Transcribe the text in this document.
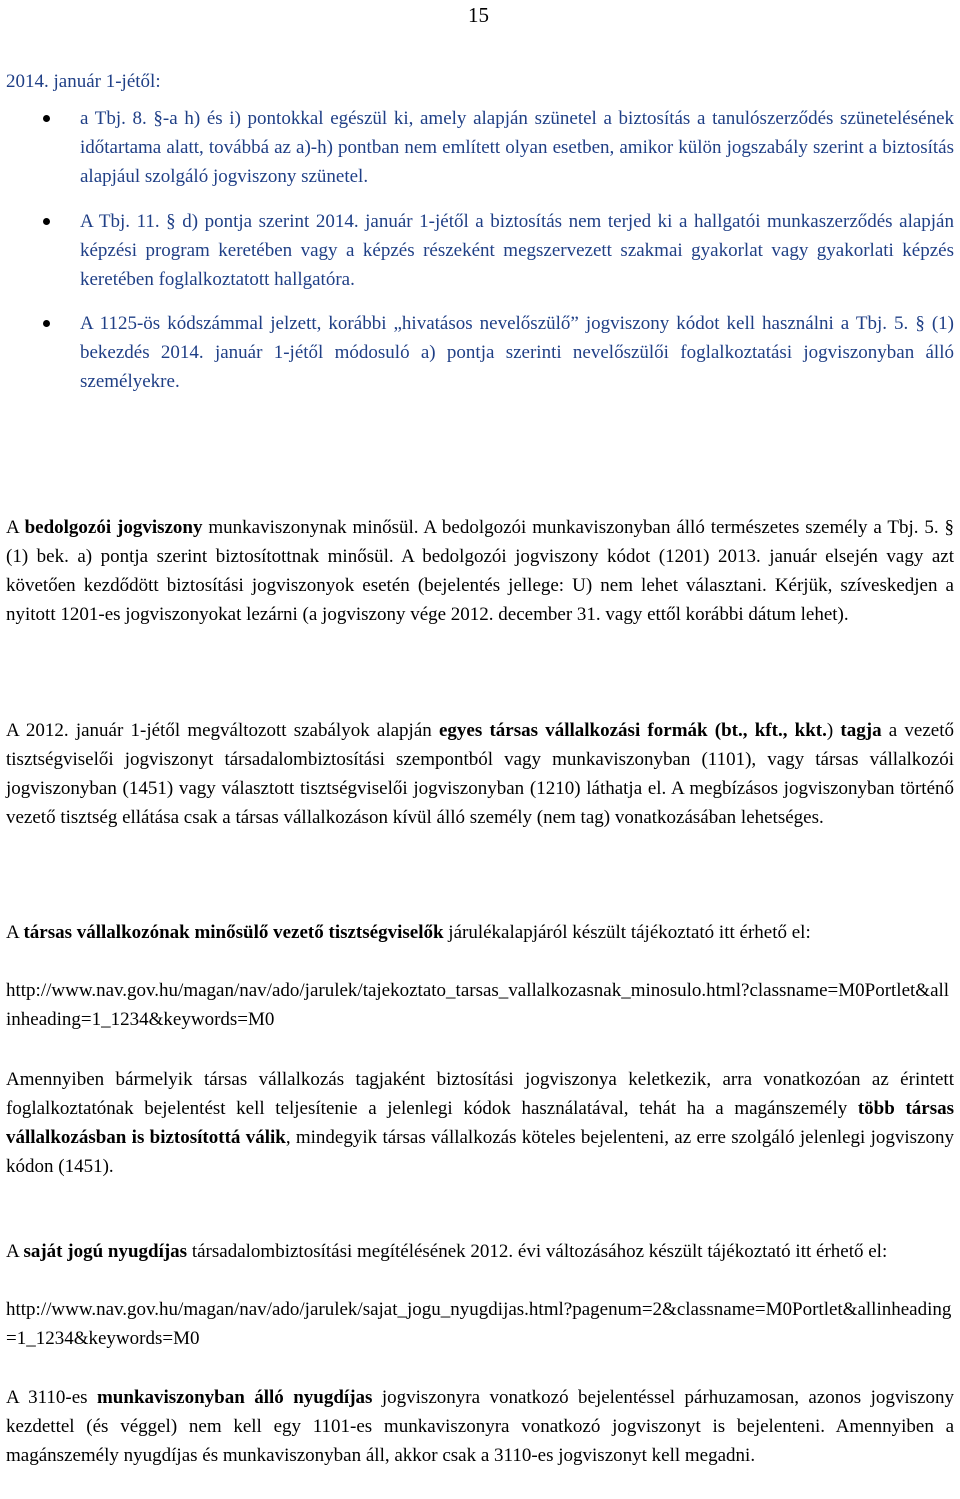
15
2014. január 1-jétől:
a Tbj. 8. §-a h) és i) pontokkal egészül ki, amely alapján szünetel a biztosítás a tanulószerződés szünetelésének időtartama alatt, továbbá az a)-h) pontban nem említett olyan esetben, amikor külön jogszabály szerint a biztosítás alapjául szolgáló jogviszony szünetel.
A Tbj. 11. § d) pontja szerint 2014. január 1-jétől a biztosítás nem terjed ki a hallgatói munkaszerződés alapján képzési program keretében vagy a képzés részeként megszervezett szakmai gyakorlat vagy gyakorlati képzés keretében foglalkoztatott hallgatóra.
A 1125-ös kódszámmal jelzett, korábbi „hivatásos nevelőszülő” jogviszony kódot kell használni a Tbj. 5. § (1) bekezdés 2014. január 1-jétől módosuló a) pontja szerinti nevelőszülői foglalkoztatási jogviszonyban álló személyekre.

A bedolgozói jogviszony munkaviszonynak minősül. A bedolgozói munkaviszonyban álló természetes személy a Tbj. 5. § (1) bek. a) pontja szerint biztosítottnak minősül. A bedolgozói jogviszony kódot (1201) 2013. január elsején vagy azt követően kezdődött biztosítási jogviszonyok esetén (bejelentés jellege: U) nem lehet választani. Kérjük, szíveskedjen a nyitott 1201-es jogviszonyokat lezárni (a jogviszony vége 2012. december 31. vagy ettől korábbi dátum lehet).

A 2012. január 1-jétől megváltozott szabályok alapján egyes társas vállalkozási formák (bt., kft., kkt.) tagja a vezető tisztségviselői jogviszonyt társadalombiztosítási szempontból vagy munkaviszonyban (1101), vagy társas vállalkozói jogviszonyban (1451) vagy választott tisztségviselői jogviszonyban (1210) láthatja el. A megbízásos jogviszonyban történő vezető tisztség ellátása csak a társas vállalkozáson kívül álló személy (nem tag) vonatkozásában lehetséges.

A társas vállalkozónak minősülő vezető tisztségviselők járulékalapjáról készült tájékoztató itt érhető el:

http://www.nav.gov.hu/magan/nav/ado/jarulek/tajekoztato_tarsas_vallalkozasnak_minosulo.html?classname=M0Portlet&allinheading=1_1234&keywords=M0

Amennyiben bármelyik társas vállalkozás tagjaként biztosítási jogviszonya keletkezik, arra vonatkozóan az érintett foglalkoztatónak bejelentést kell teljesítenie a jelenlegi kódok használatával, tehát ha a magánszemély több társas vállalkozásban is biztosítottá válik, mindegyik társas vállalkozás köteles bejelenteni, az erre szolgáló jelenlegi jogviszony kódon (1451).

A saját jogú nyugdíjas társadalombiztosítási megítélésének 2012. évi változásához készült tájékoztató itt érhető el:

http://www.nav.gov.hu/magan/nav/ado/jarulek/sajat_jogu_nyugdijas.html?pagenum=2&classname=M0Portlet&allinheading=1_1234&keywords=M0

A 3110-es munkaviszonyban álló nyugdíjas jogviszonyra vonatkozó bejelentéssel párhuzamosan, azonos jogviszony kezdettel (és véggel) nem kell egy 1101-es munkaviszonyra vonatkozó jogviszonyt is bejelenteni. Amennyiben a magánszemély nyugdíjas és munkaviszonyban áll, akkor csak a 3110-es jogviszonyt kell megadni.
